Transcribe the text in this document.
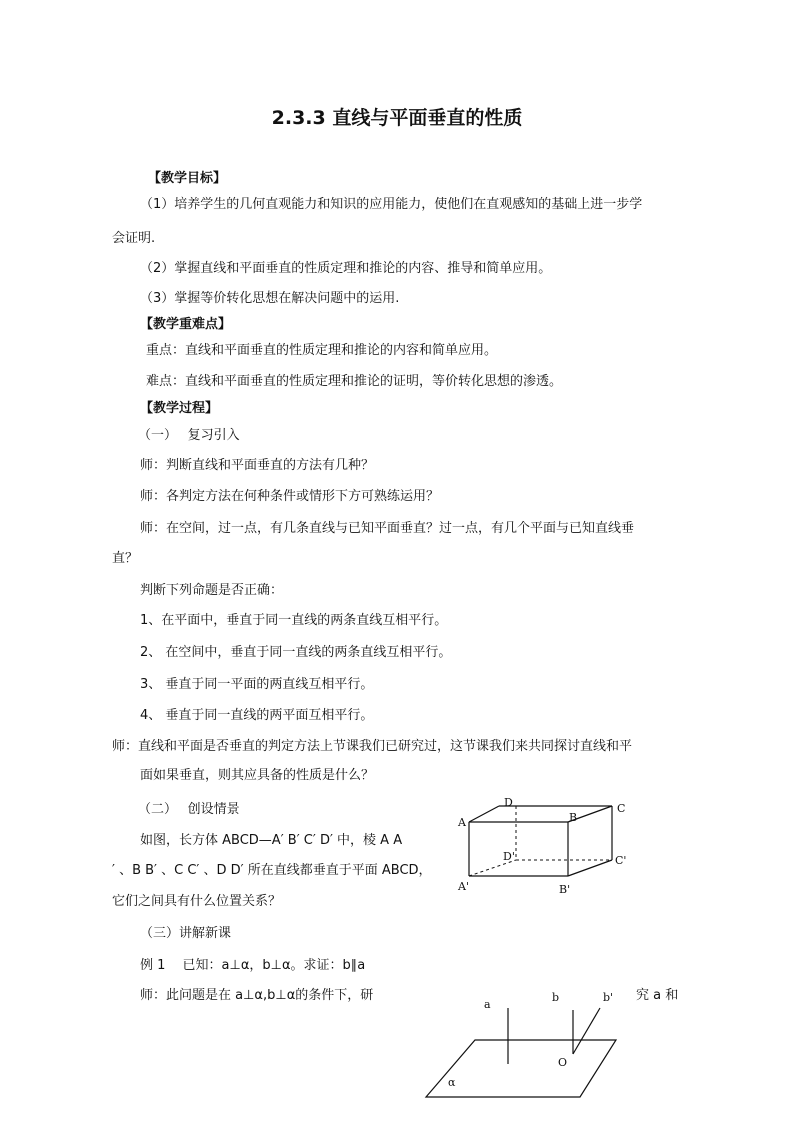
2.3.3 直线与平面垂直的性质
【教学目标】
（1）培养学生的几何直观能力和知识的应用能力，使他们在直观感知的基础上进一步学
会证明.
（2）掌握直线和平面垂直的性质定理和推论的内容、推导和简单应用。
（3）掌握等价转化思想在解决问题中的运用.
【教学重难点】
重点：直线和平面垂直的性质定理和推论的内容和简单应用。
难点：直线和平面垂直的性质定理和推论的证明，等价转化思想的渗透。
【教学过程】
（一）　 复习引入
师：判断直线和平面垂直的方法有几种？
师：各判定方法在何种条件或情形下方可熟练运用？
师：在空间，过一点，有几条直线与已知平面垂直？过一点，有几个平面与已知直线垂
直？
判断下列命题是否正确：
1、在平面中，垂直于同一直线的两条直线互相平行。
2、 在空间中，垂直于同一直线的两条直线互相平行。
3、 垂直于同一平面的两直线互相平行。
4、 垂直于同一直线的两平面互相平行。
师：直线和平面是否垂直的判定方法上节课我们已研究过，这节课我们来共同探讨直线和平
面如果垂直，则其应具备的性质是什么？
（二）　 创设情景
如图，长方体 ABCD—A′ B′ C′ D′ 中，棱 A A
′ 、B B′ 、C C′ 、D D′ 所在直线都垂直于平面 ABCD，
它们之间具有什么位置关系？
（三）讲解新课
例 1　 已知：a⊥α，b⊥α。求证：b∥a
师：此问题是在 a⊥α,b⊥α的条件下，研	究 a 和
A
D
B
C
D'	C'
A'	B'
a
b	b'
O
α
